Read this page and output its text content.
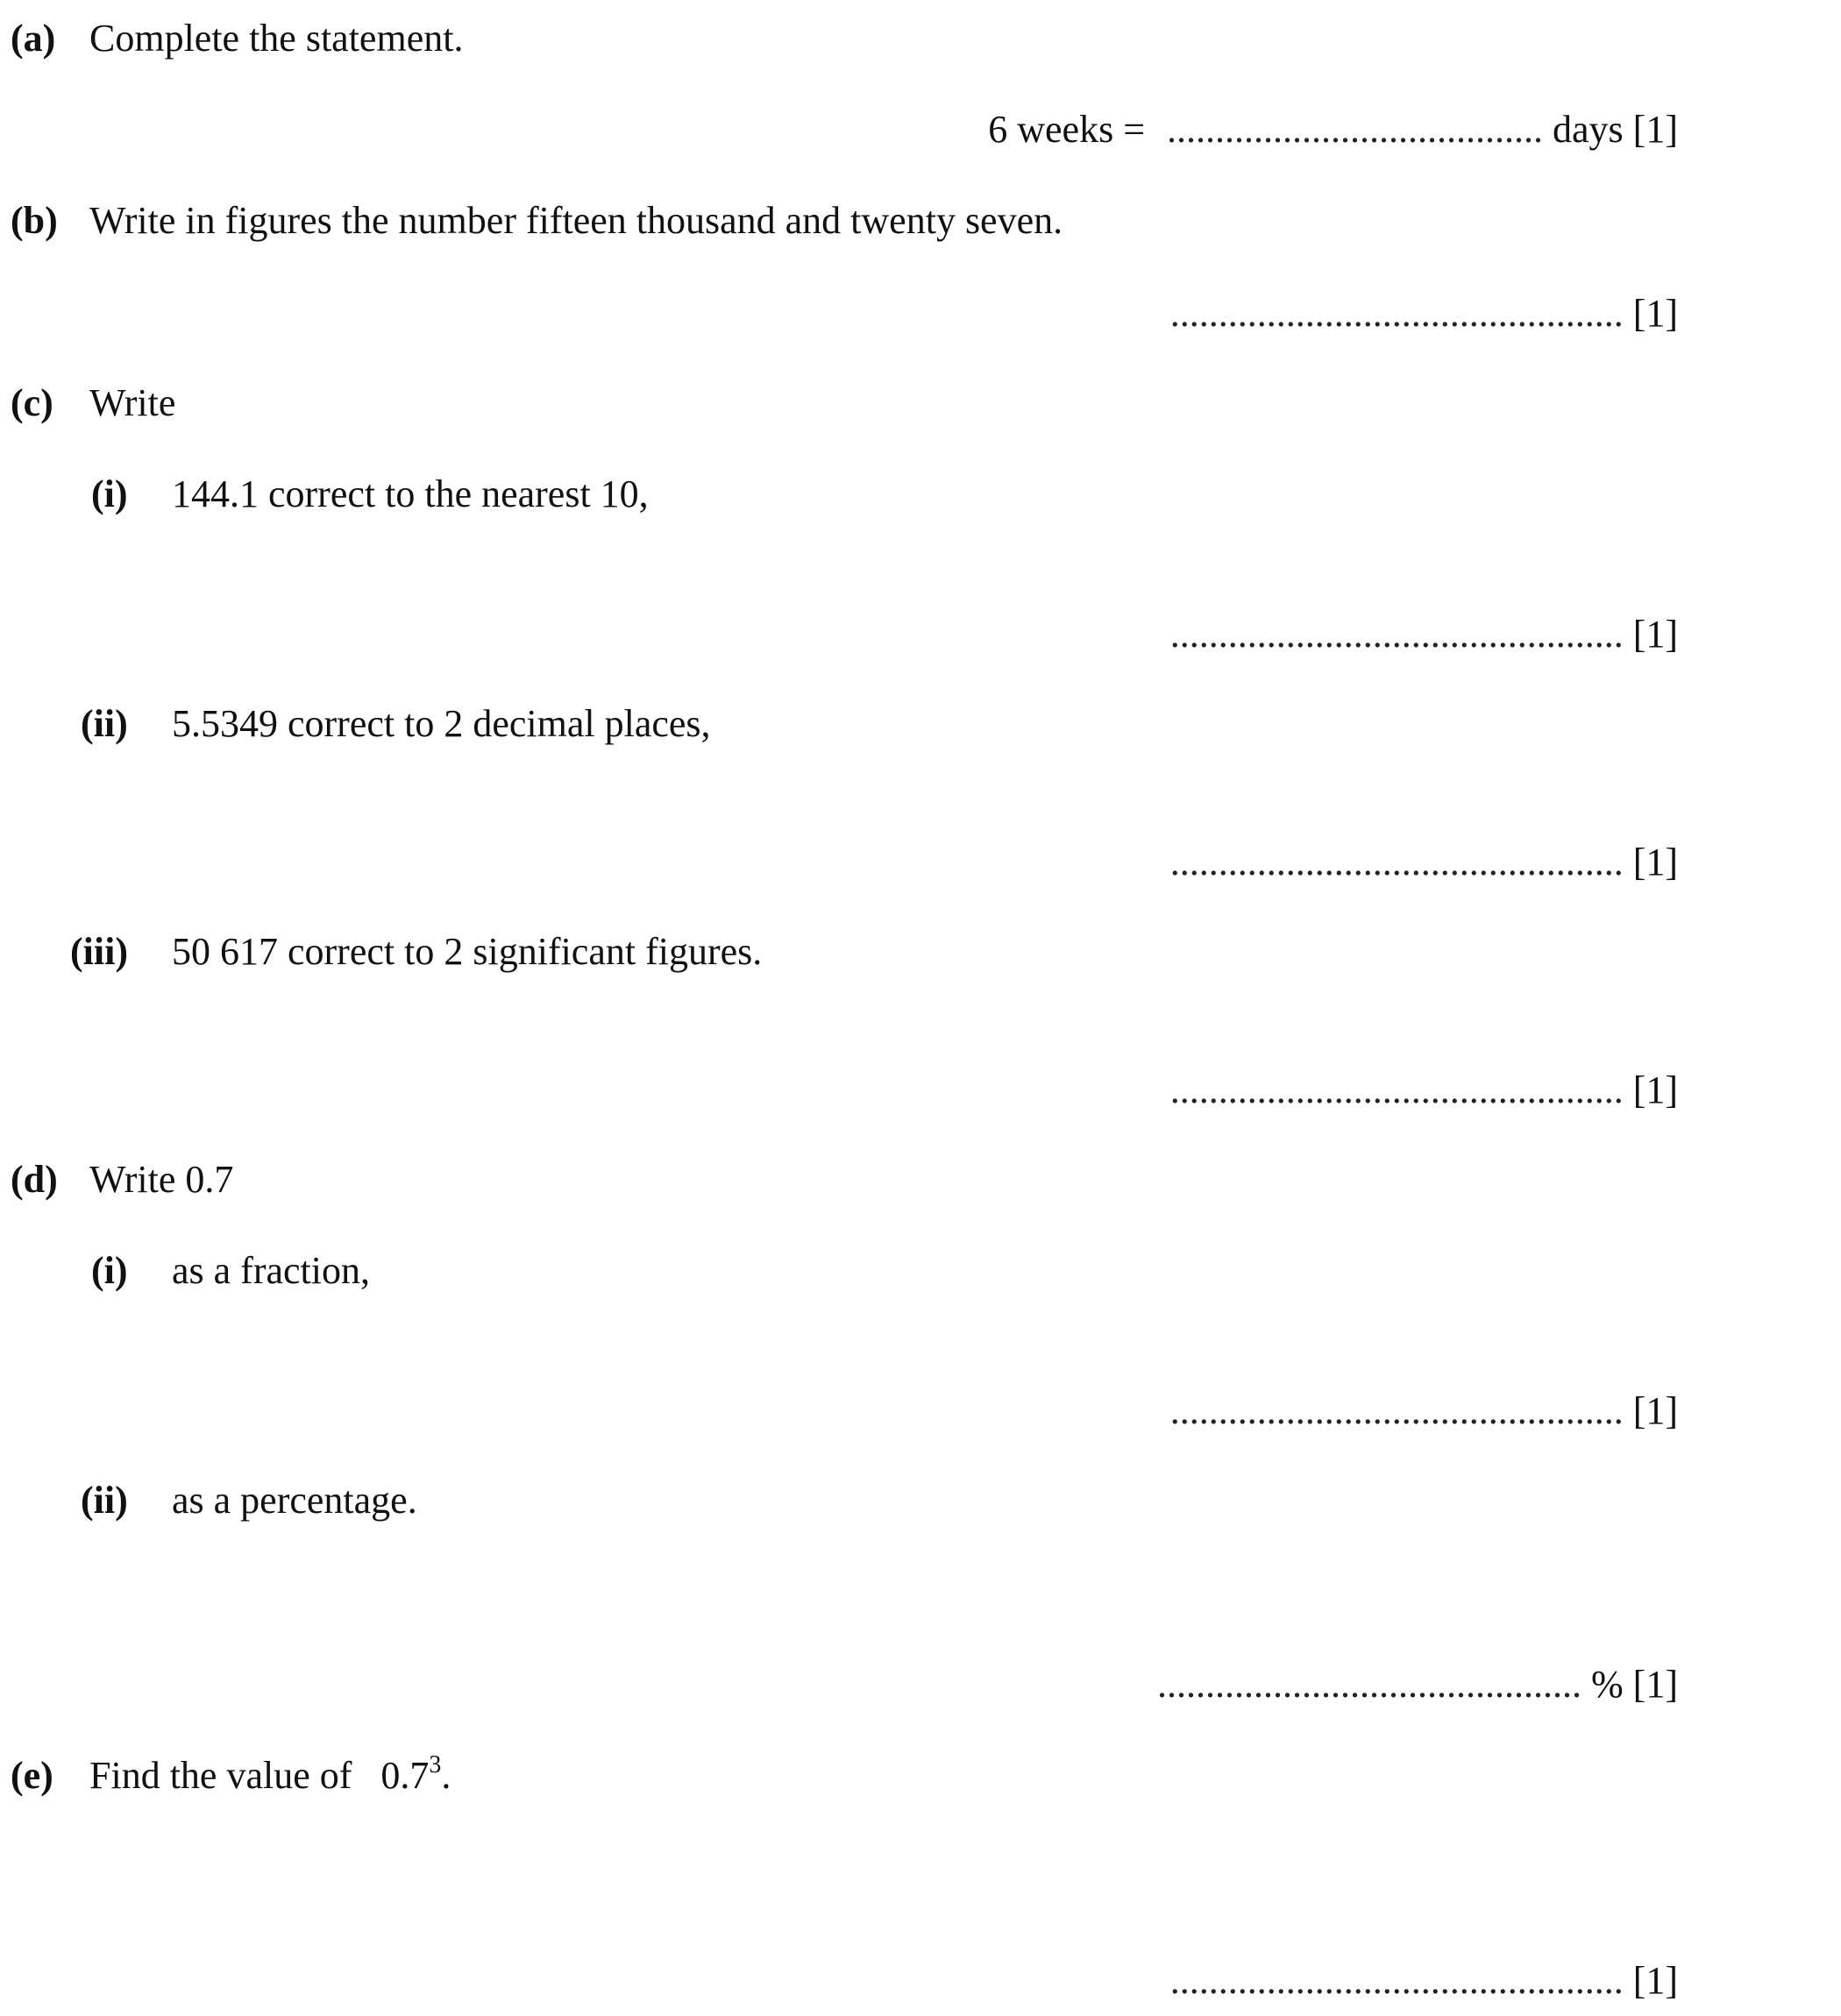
(a) Complete the statement.
6 weeks = ....................................... days [1]
(b) Write in figures the number fifteen thousand and twenty seven.
............................................... [1]
(c) Write
(i) 144.1 correct to the nearest 10,
............................................... [1]
(ii) 5.5349 correct to 2 decimal places,
............................................... [1]
(iii) 50 617 correct to 2 significant figures.
............................................... [1]
(d) Write 0.7
(i) as a fraction,
............................................... [1]
(ii) as a percentage.
............................................ % [1]
(e) Find the value of   $0.7^3$.
............................................... [1]
